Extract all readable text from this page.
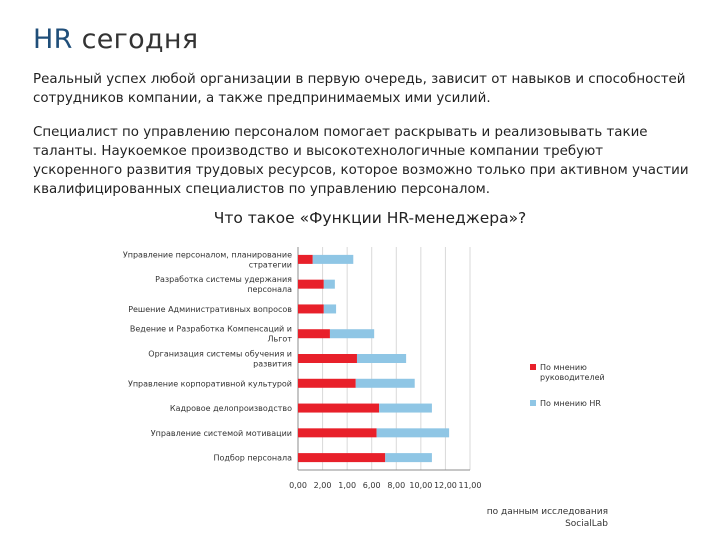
HR сегодня

Реальный успех любой организации в первую очередь, зависит от навыков и способностей сотрудников компании, а также предпринимаемых ими усилий.

Специалист по управлению персоналом помогает раскрывать и реализовывать такие таланты. Наукоемкое производство и высокотехнологичные компании требуют ускоренного развития трудовых ресурсов, которое возможно только при активном участии квалифицированных специалистов по управлению персоналом.

Что такое «Функции HR-менеджера»?

0,00 2,00 1,00 6,00 8,00 10,00 12,00 11,00
Управление персоналом, планирование стратегии
Разработка системы удержания персонала
Решение Административных вопросов
Ведение и Разработка Компенсаций и Льгот
Организация системы обучения и развития
Управление корпоративной культурой
Кадровое делопроизводство
Управление системой мотивации
Подбор персонала
По мнению руководителей
По мнению HR
по данным исследования
SocialLab
